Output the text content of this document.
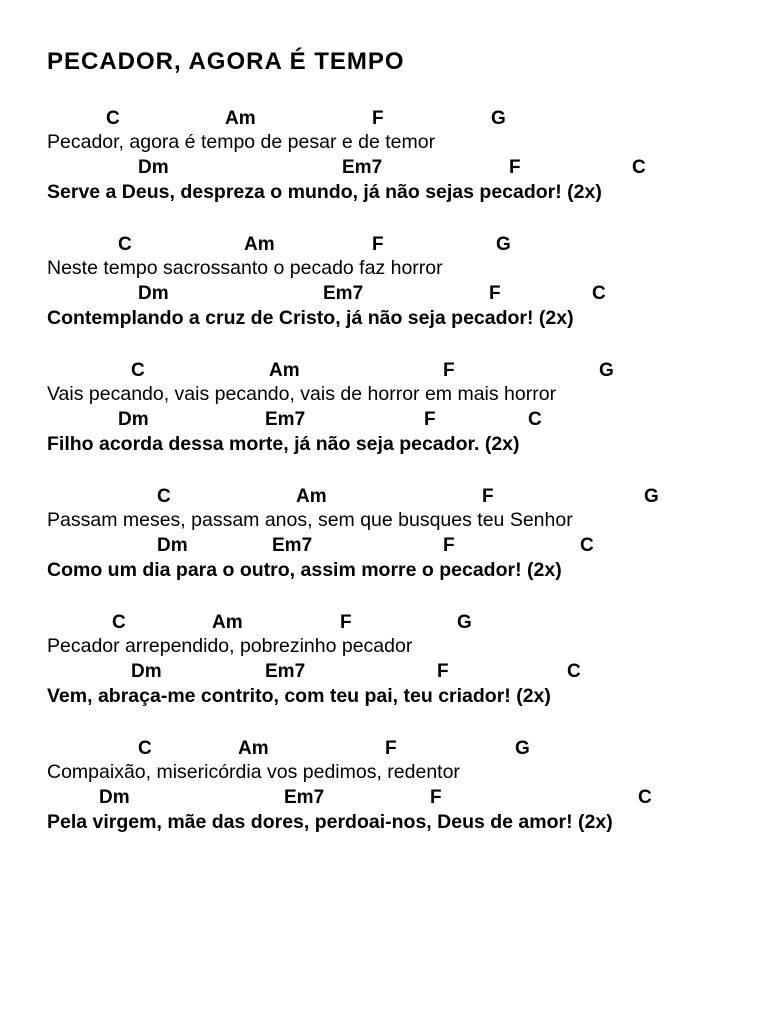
PECADOR, AGORA É TEMPO
C	Am	F	G
Pecador, agora é tempo de pesar e de temor
Dm	Em7	F	C
Serve a Deus, despreza o mundo, já não sejas pecador! (2x)
C	Am	F	G
Neste tempo sacrossanto o pecado faz horror
Dm	Em7	F	C
Contemplando a cruz de Cristo, já não seja pecador! (2x)
C	Am	F	G
Vais pecando, vais pecando, vais de horror em mais horror
Dm	Em7	F	C
Filho acorda dessa morte, já não seja pecador. (2x)
C	Am	F	G
Passam meses, passam anos, sem que busques teu Senhor
Dm	Em7	F	C
Como um dia para o outro, assim morre o pecador! (2x)
C	Am	F	G
Pecador arrependido, pobrezinho pecador
Dm	Em7	F	C
Vem, abraça-me contrito, com teu pai, teu criador! (2x)
C	Am	F	G
Compaixão, misericórdia vos pedimos, redentor
Dm	Em7	F	C
Pela virgem, mãe das dores, perdoai-nos, Deus de amor! (2x)
